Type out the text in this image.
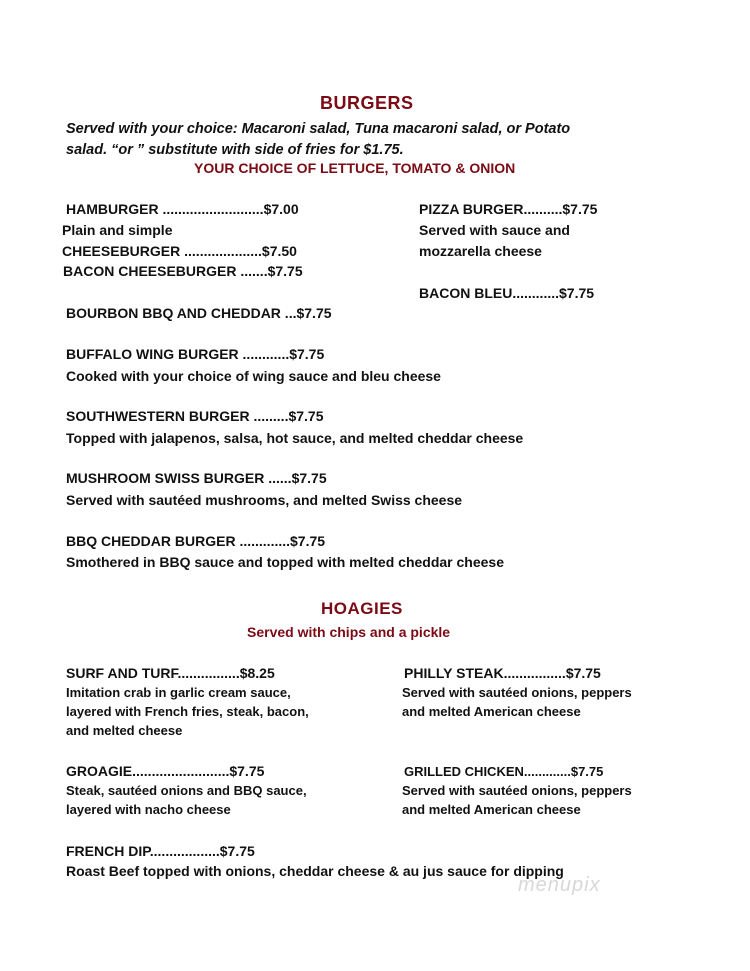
BURGERS
Served with your choice: Macaroni salad, Tuna macaroni salad, or Potato
salad. “or ” substitute with side of fries for $1.75.
YOUR CHOICE OF LETTUCE, TOMATO & ONION
HAMBURGER ..........................$7.00
Plain and simple
CHEESEBURGER ....................$7.50
BACON CHEESEBURGER .......$7.75
PIZZA BURGER..........$7.75
Served with sauce and
mozzarella cheese
BACON BLEU............$7.75
BOURBON BBQ AND CHEDDAR ...$7.75
BUFFALO WING BURGER ............$7.75
Cooked with your choice of wing sauce and bleu cheese
SOUTHWESTERN BURGER .........$7.75
Topped with jalapenos, salsa, hot sauce, and melted cheddar cheese
MUSHROOM SWISS BURGER ......$7.75
Served with sautéed mushrooms, and melted Swiss cheese
BBQ CHEDDAR BURGER .............$7.75
Smothered in BBQ sauce and topped with melted cheddar cheese
HOAGIES
Served with chips and a pickle
SURF AND TURF................$8.25
Imitation crab in garlic cream sauce,
layered with French fries, steak, bacon,
and melted cheese
PHILLY STEAK................$7.75
Served with sautéed onions, peppers
and melted American cheese
GROAGIE.........................$7.75
Steak, sautéed onions and BBQ sauce,
layered with nacho cheese
GRILLED CHICKEN.............$7.75
Served with sautéed onions, peppers
and melted American cheese
FRENCH DIP..................$7.75
Roast Beef topped with onions, cheddar cheese & au jus sauce for dipping
menupix
